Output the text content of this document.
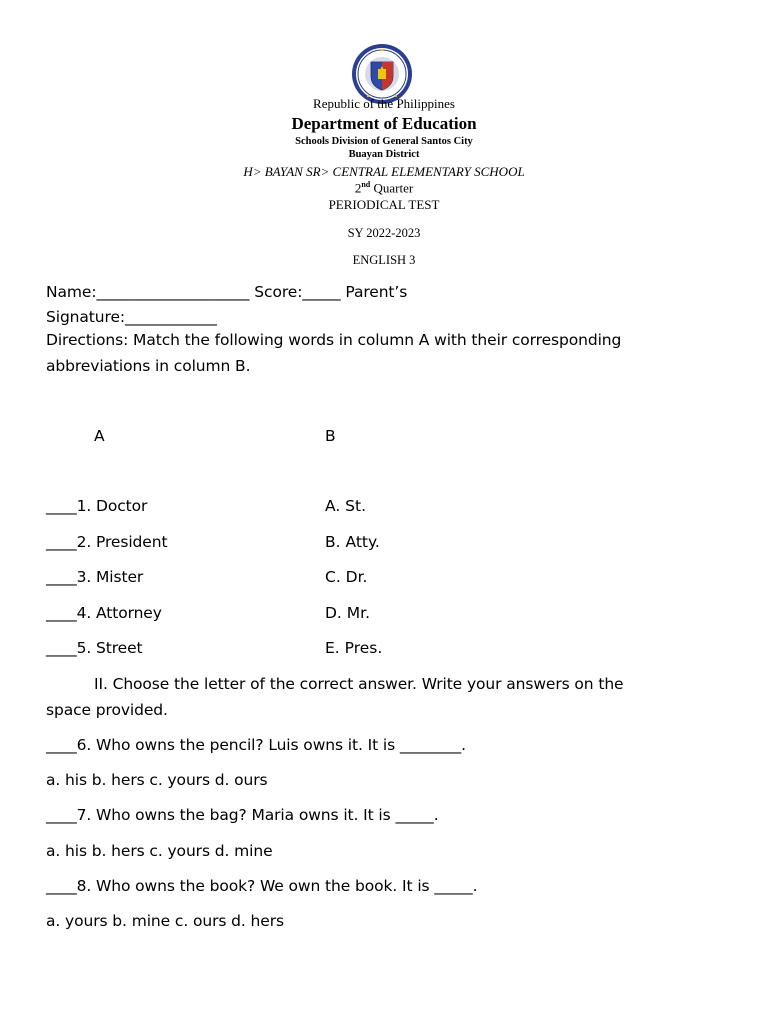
Republic of the Philippines
Department of Education
Schools Division of General Santos City
Buayan District
H> BAYAN SR> CENTRAL ELEMENTARY SCHOOL
2nd Quarter
PERIODICAL TEST
SY 2022-2023
ENGLISH 3
Name:____________________ Score:_____ Parent’s
Signature:____________
Directions: Match the following words in column A with their corresponding
abbreviations in column B.
A	B
____1. Doctor	A. St.
____2. President	B. Atty.
____3. Mister	C. Dr.
____4. Attorney	D. Mr.
____5. Street	E. Pres.
II. Choose the letter of the correct answer. Write your answers on the
space provided.
____6. Who owns the pencil? Luis owns it. It is ________.
a. his b. hers c. yours d. ours
____7. Who owns the bag? Maria owns it. It is _____.
a. his b. hers c. yours d. mine
____8. Who owns the book? We own the book. It is _____.
a. yours b. mine c. ours d. hers
